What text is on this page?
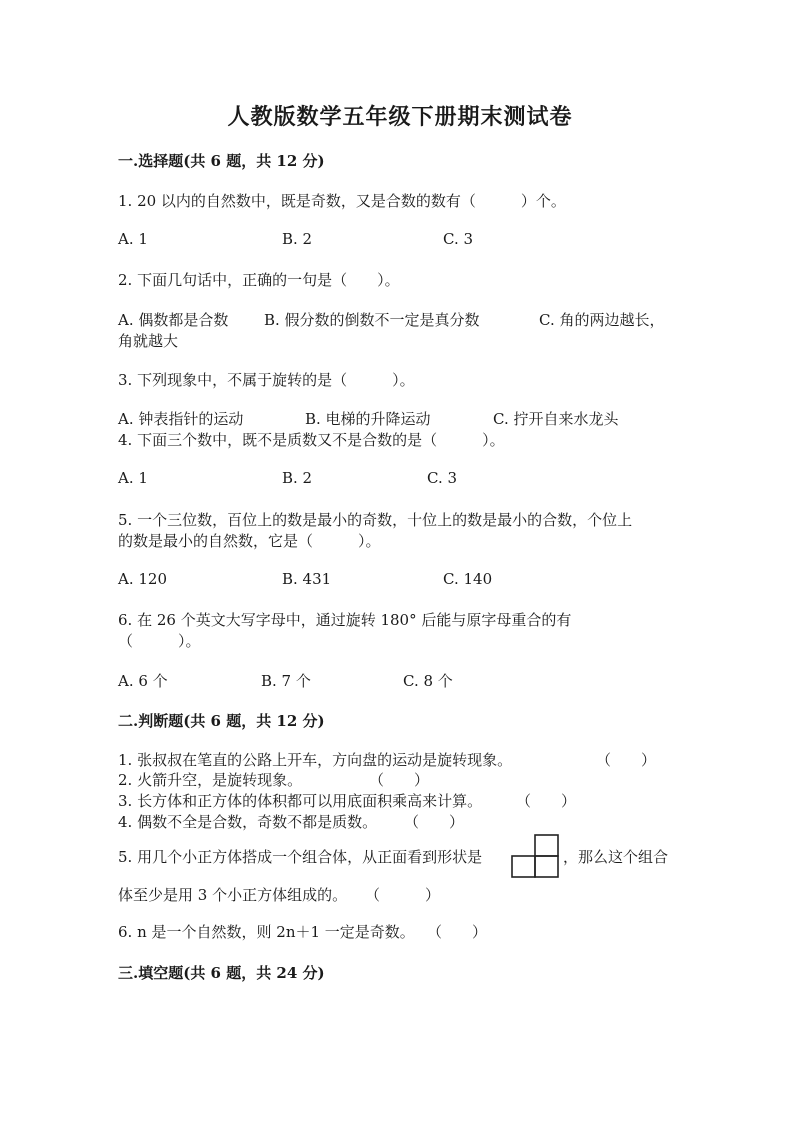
人教版数学五年级下册期末测试卷
一.选择题(共 6 题，共 12 分)
1. 20 以内的自然数中，既是奇数，又是合数的数有（　　　）个。
A. 1	B. 2	C. 3
2. 下面几句话中，正确的一句是（　　）。
A. 偶数都是合数 B. 假分数的倒数不一定是真分数	C. 角的两边越长，
角就越大
3. 下列现象中，不属于旋转的是（　　　）。
A. 钟表指针的运动	B. 电梯的升降运动	C. 拧开自来水龙头
4. 下面三个数中，既不是质数又不是合数的是（　　　）。
A. 1	B. 2	C. 3
5. 一个三位数，百位上的数是最小的奇数，十位上的数是最小的合数，个位上
的数是最小的自然数，它是（　　　）。
A. 120	B. 431	C. 140
6. 在 26 个英文大写字母中，通过旋转 180° 后能与原字母重合的有
（　　　）。
A. 6 个	B. 7 个	C. 8 个
二.判断题(共 6 题，共 12 分)
1. 张叔叔在笔直的公路上开车，方向盘的运动是旋转现象。	（　　）
2. 火箭升空，是旋转现象。	（　　）
3. 长方体和正方体的体积都可以用底面积乘高来计算。 （　　）
4. 偶数不全是合数，奇数不都是质数。 （　　）
5. 用几个小正方体搭成一个组合体，从正面看到形状是	，那么这个组合
体至少是用 3 个小正方体组成的。 （　　　）
6. n 是一个自然数，则 2n＋1 一定是奇数。 （　　）
三.填空题(共 6 题，共 24 分)
